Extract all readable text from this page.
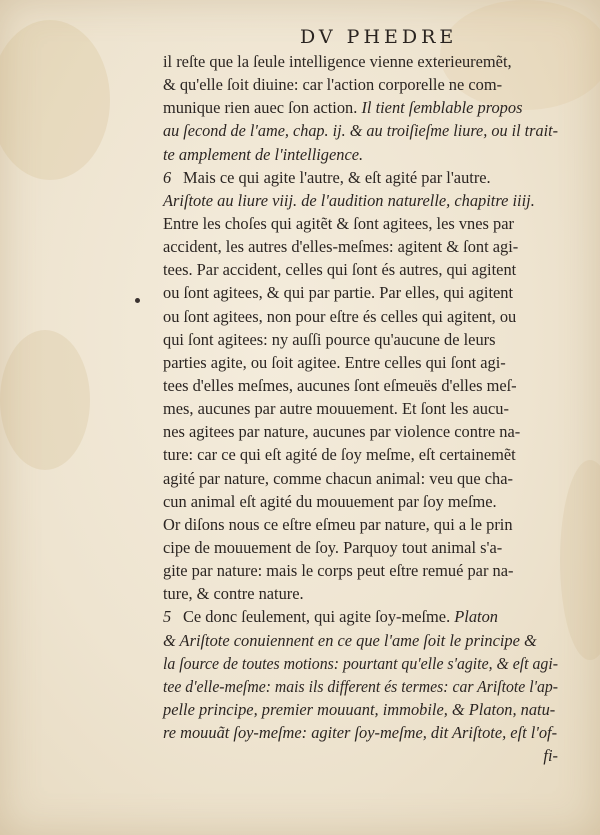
DV PHEDRE
il reſte que la ſeule intelligence vienne exterieuremẽt,
& qu'elle ſoit diuine: car l'action corporelle ne com-
munique rien auec ſon action. Il tient ſemblable propos
au ſecond de l'ame, chap. ij. & au troiſieſme liure, ou il trait-
te amplement de l'intelligence.
6 Mais ce qui agite l'autre, & eſt agité par l'autre.
Ariſtote au liure viij. de l'audition naturelle, chapitre iiij.
Entre les choſes qui agitẽt & ſont agitees, les vnes par
accident, les autres d'elles-meſmes: agitent & ſont agi-
tees. Par accident, celles qui ſont és autres, qui agitent
ou ſont agitees, & qui par partie. Par elles, qui agitent
ou ſont agitees, non pour eſtre és celles qui agitent, ou
qui ſont agitees: ny auſſi pource qu'aucune de leurs
parties agite, ou ſoit agitee. Entre celles qui ſont agi-
tees d'elles meſmes, aucunes ſont eſmeuës d'elles meſ-
mes, aucunes par autre mouuement. Et ſont les aucu-
nes agitees par nature, aucunes par violence contre na-
ture: car ce qui eſt agité de ſoy meſme, eſt certainemẽt
agité par nature, comme chacun animal: veu que cha-
cun animal eſt agité du mouuement par ſoy meſme.
Or diſons nous ce eſtre eſmeu par nature, qui a le prin
cipe de mouuement de ſoy. Parquoy tout animal s'a-
gite par nature: mais le corps peut eſtre remué par na-
ture, & contre nature.
5 Ce donc ſeulement, qui agite ſoy-meſme. Platon
& Ariſtote conuiennent en ce que l'ame ſoit le principe &
la ſource de toutes motions: pourtant qu'elle s'agite, & eſt agi-
tee d'elle-meſme: mais ils different és termes: car Ariſtote l'ap-
pelle principe, premier mouuant, immobile, & Platon, natu-
re mouuãt ſoy-meſme: agiter ſoy-meſme, dit Ariſtote, eſt l'of-
fi-
